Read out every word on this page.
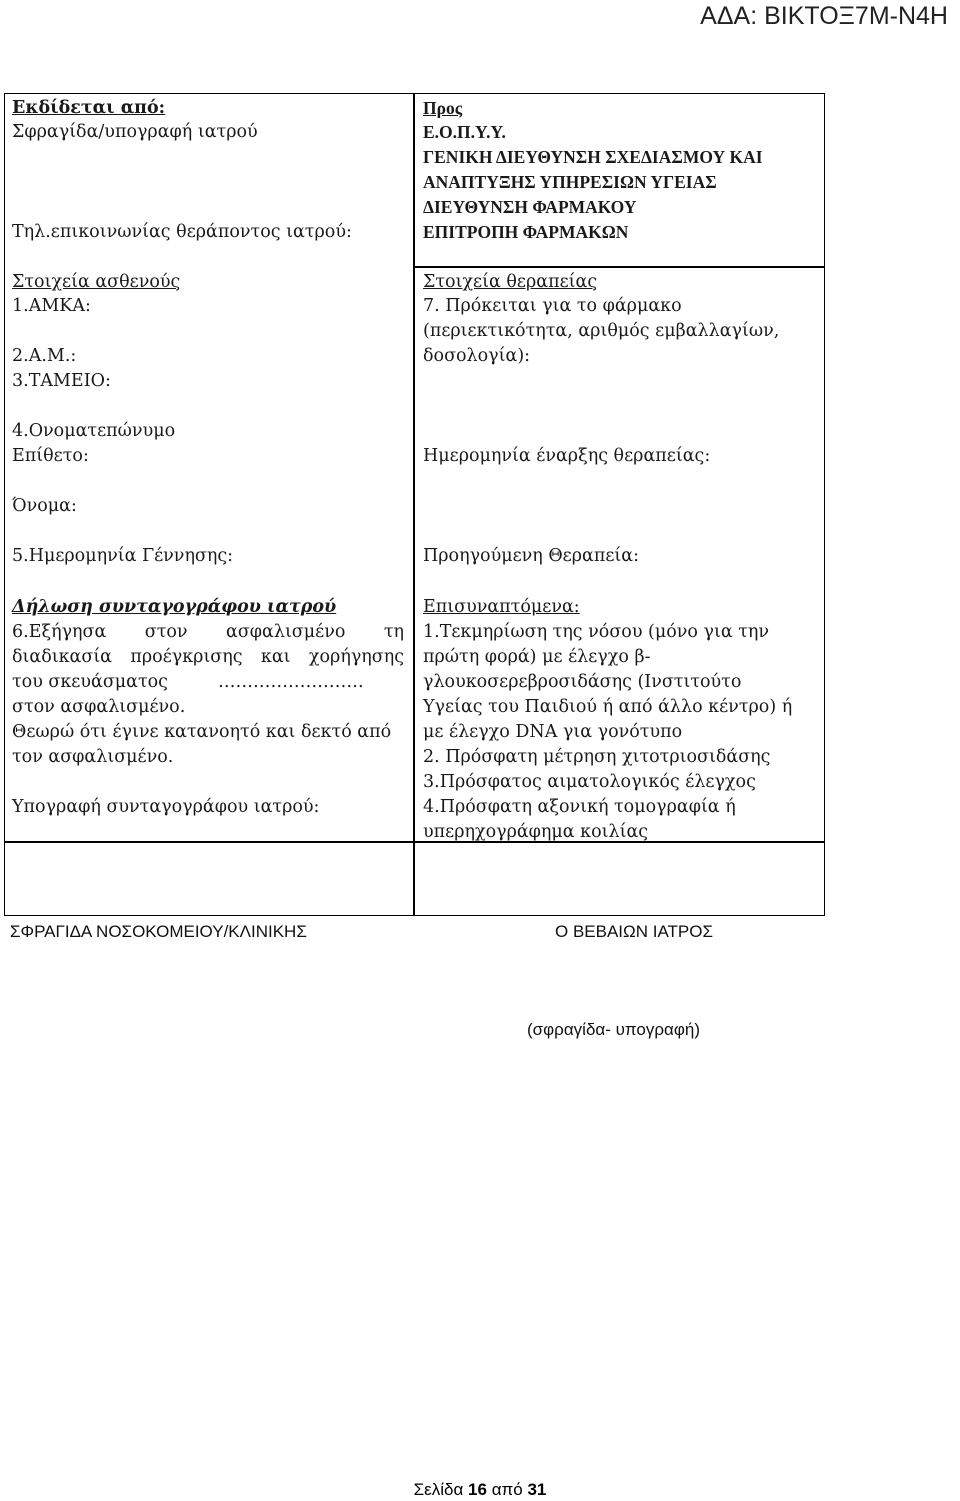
ΑΔΑ: ΒΙΚΤΟΞ7Μ-Ν4Η
Εκδίδεται από:
Σφραγίδα/υπογραφή ιατρού
Τηλ.επικοινωνίας θεράποντος ιατρού:
Στοιχεία ασθενούς
1.ΑΜΚΑ:
2.Α.Μ.:
3.ΤΑΜΕΙΟ:
4.Ονοματεπώνυμο
Επίθετο:
Όνομα:
5.Ημερομηνία Γέννησης:
Δήλωση συνταγογράφου ιατρού
6.Εξήγησα στον ασφαλισμένο τη
διαδικασία προέγκρισης και χορήγησης
του σκευάσματος	…………………….
στον ασφαλισμένο.
Θεωρώ ότι έγινε κατανοητό και δεκτό από
τον ασφαλισμένο.
Υπογραφή συνταγογράφου ιατρού:
Προς
Ε.Ο.Π.Υ.Υ.
ΓΕΝΙΚΗ ΔΙΕΥΘΥΝΣΗ ΣΧΕΔΙΑΣΜΟΥ ΚΑΙ
ΑΝΑΠΤΥΞΗΣ ΥΠΗΡΕΣΙΩΝ ΥΓΕΙΑΣ
ΔΙΕΥΘΥΝΣΗ ΦΑΡΜΑΚΟΥ
ΕΠΙΤΡΟΠΗ ΦΑΡΜΑΚΩΝ
Στοιχεία θεραπείας
7. Πρόκειται για το φάρμακο
(περιεκτικότητα, αριθμός εμβαλλαγίων,
δοσολογία):
Ημερομηνία έναρξης θεραπείας:
Προηγούμενη Θεραπεία:
Επισυναπτόμενα:
1.Τεκμηρίωση της νόσου (μόνο για την
πρώτη φορά) με έλεγχο β-
γλουκοσερεβροσιδάσης (Ινστιτούτο
Υγείας του Παιδιού ή από άλλο κέντρο) ή
με έλεγχο DNA για γονότυπο
2. Πρόσφατη μέτρηση χιτοτριοσιδάσης
3.Πρόσφατος αιματολογικός έλεγχος
4.Πρόσφατη αξονική τομογραφία ή
υπερηχογράφημα κοιλίας
ΣΦΡΑΓΙΔΑ ΝΟΣΟΚΟΜΕΙΟΥ/ΚΛΙΝΙΚΗΣ	Ο ΒΕΒΑΙΩΝ ΙΑΤΡΟΣ
(σφραγίδα- υπογραφή)
Σελίδα 16 από 31
